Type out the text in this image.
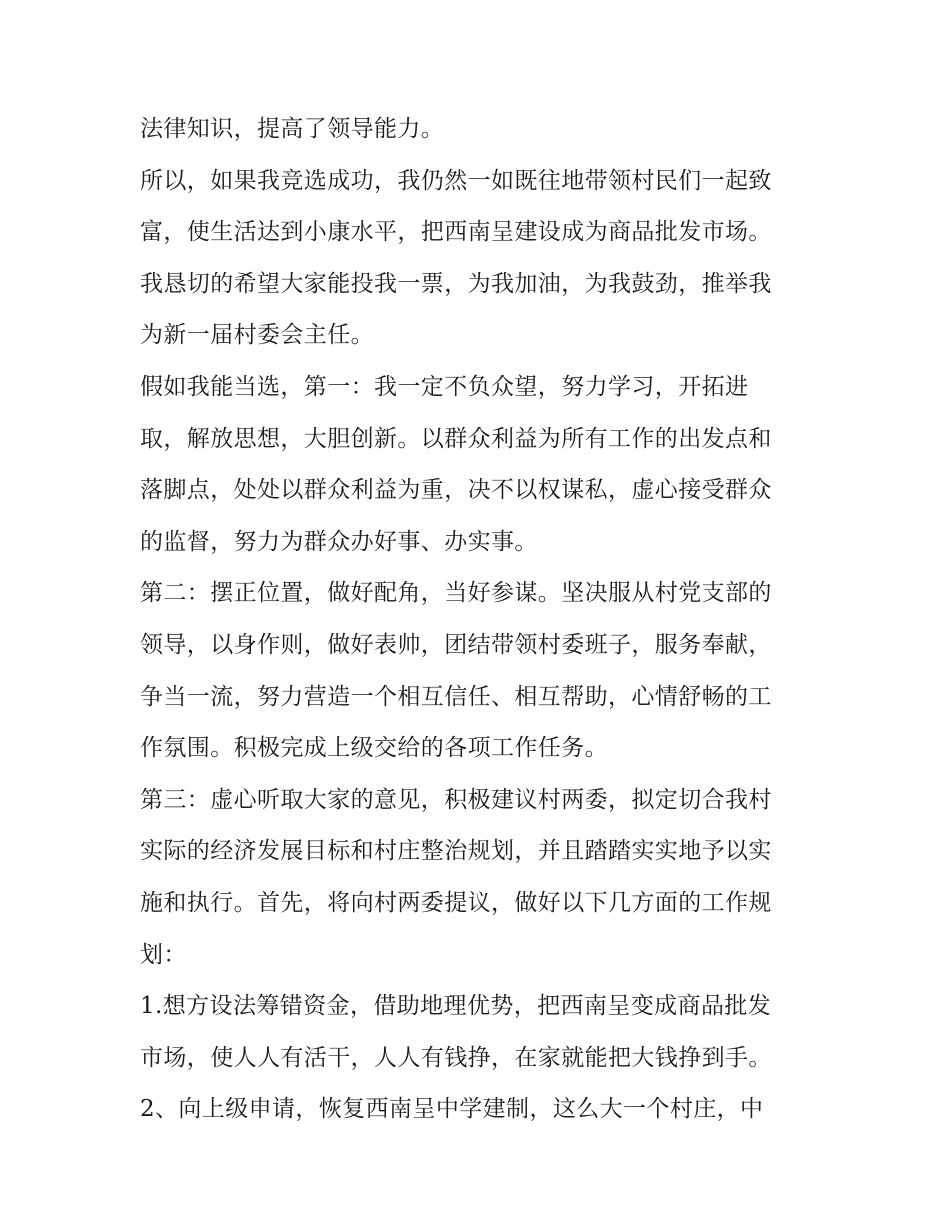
法律知识，提高了领导能力。
所以，如果我竞选成功，我仍然一如既往地带领村民们一起致
富，使生活达到小康水平，把西南呈建设成为商品批发市场。
我恳切的希望大家能投我一票，为我加油，为我鼓劲，推举我
为新一届村委会主任。
假如我能当选，第一：我一定不负众望，努力学习，开拓进
取，解放思想，大胆创新。以群众利益为所有工作的出发点和
落脚点，处处以群众利益为重，决不以权谋私，虚心接受群众
的监督，努力为群众办好事、办实事。
第二：摆正位置，做好配角，当好参谋。坚决服从村党支部的
领导，以身作则，做好表帅，团结带领村委班子，服务奉献，
争当一流，努力营造一个相互信任、相互帮助，心情舒畅的工
作氛围。积极完成上级交给的各项工作任务。
第三：虚心听取大家的意见，积极建议村两委，拟定切合我村
实际的经济发展目标和村庄整治规划，并且踏踏实实地予以实
施和执行。首先，将向村两委提议，做好以下几方面的工作规
划：
1.想方设法筹错资金，借助地理优势，把西南呈变成商品批发
市场，使人人有活干，人人有钱挣，在家就能把大钱挣到手。
2、向上级申请，恢复西南呈中学建制，这么大一个村庄，中
